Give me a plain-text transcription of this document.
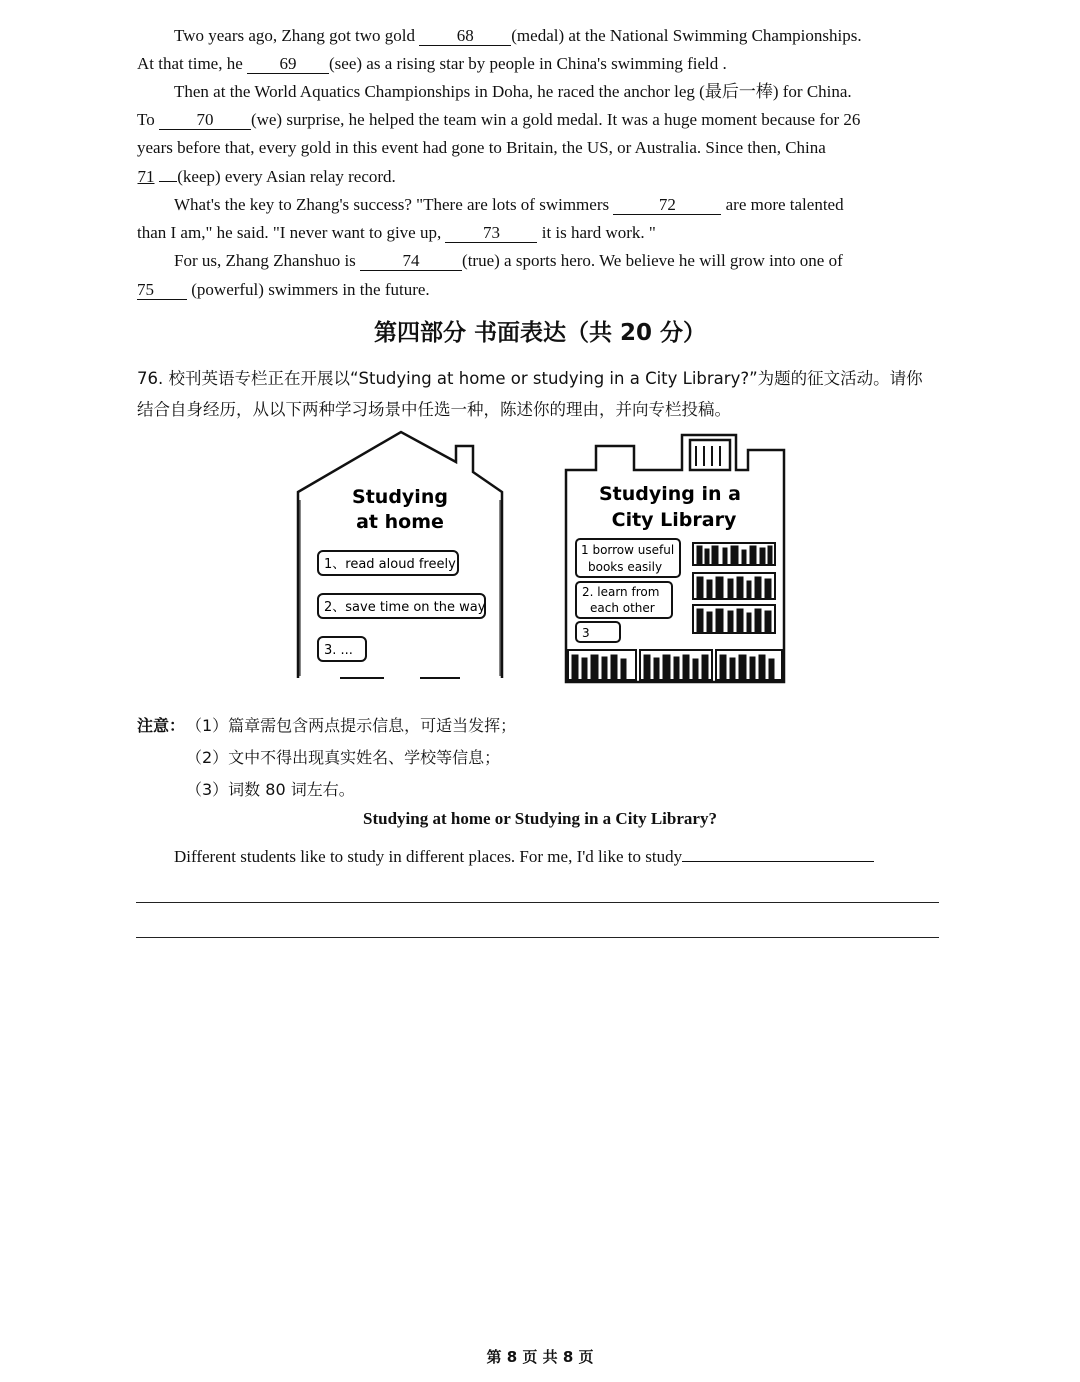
Two years ago, Zhang got two gold 68 (medal) at the National Swimming Championships.
At that time, he 69 (see) as a rising star by people in China's swimming field .
Then at the World Aquatics Championships in Doha, he raced the anchor leg (最后一棒) for China.
To 70 (we) surprise, he helped the team win a gold medal. It was a huge moment because for 26
years before that, every gold in this event had gone to Britain, the US, or Australia. Since then, China
71 (keep) every Asian relay record.
What's the key to Zhang's success? "There are lots of swimmers	72	are more talented
than I am," he said. "I never want to give up, 73 it is hard work. "
For us, Zhang Zhanshuo is	74	(true) a sports hero. We believe he will grow into one of
75 (powerful) swimmers in the future.
第四部分 书面表达（共 20 分）
76. 校刊英语专栏正在开展以“Studying at home or studying in a City Library?”为题的征文活动。请你
结合自身经历，从以下两种学习场景中任选一种，陈述你的理由，并向专栏投稿。
Studying
at home
1、read aloud freely
2、save time on the way
3. ...
Studying in a
City Library
1 borrow useful
books easily
2. learn from
each other
3
注意： （1）篇章需包含两点提示信息，可适当发挥；
（2）文中不得出现真实姓名、学校等信息；
（3）词数 80 词左右。
Studying at home or Studying in a City Library?
Different students like to study in different places. For me, I'd like to study
第 8 页 共 8 页
